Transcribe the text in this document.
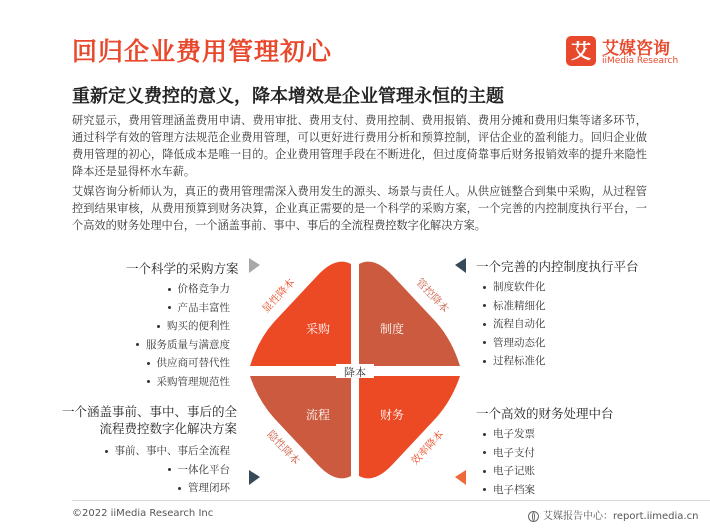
回归企业费用管理初心	艾 艾媒咨询
iiMedia Research
重新定义费控的意义，降本增效是企业管理永恒的主题
研究显示，费用管理涵盖费用申请、费用审批、费用支付、费用控制、费用报销、费用分摊和费用归集等诸多环节，通过科学有效的管理方法规范企业费用管理，可以更好进行费用分析和预算控制，评估企业的盈利能力。回归企业做费用管理的初心，降低成本是唯一目的。企业费用管理手段在不断进化，但过度倚靠事后财务报销效率的提升来隐性降本还是显得杯水车薪。
艾媒咨询分析师认为，真正的费用管理需深入费用发生的源头、场景与责任人。从供应链整合到集中采购，从过程管控到结果审核，从费用预算到财务决算，企业真正需要的是一个科学的采购方案，一个完善的内控制度执行平台，一个高效的财务处理中台，一个涵盖事前、事中、事后的全流程费控数字化解决方案。
采购	制度
流程	财务
降本
显性降本	管控降本
隐性降本	效率降本
一个科学的采购方案
价格竞争力
产品丰富性
购买的便利性
服务质量与满意度
供应商可替代性
采购管理规范性
一个完善的内控制度执行平台
制度软件化
标准精细化
流程自动化
管理动态化
过程标准化
一个涵盖事前、事中、事后的全
流程费控数字化解决方案
事前、事中、事后全流程
一体化平台
管理闭环
一个高效的财务处理中台
电子发票
电子支付
电子记账
电子档案
©2022 iiMedia Research Inc	艾媒报告中心：report.iimedia.cn
